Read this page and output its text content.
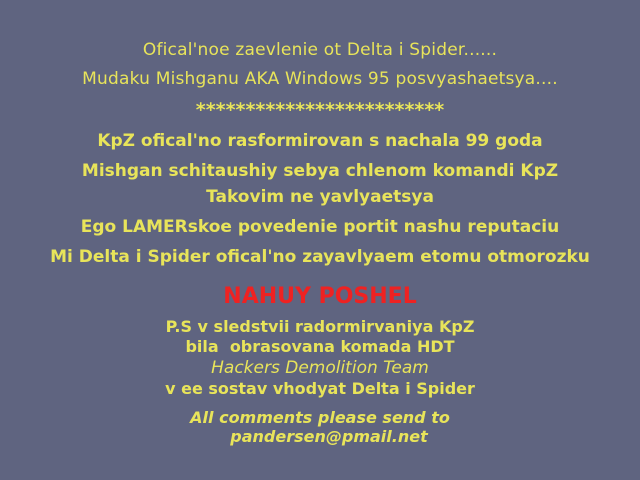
Ofical'noe zaevlenie ot Delta i Spider......
Mudaku Mishganu AKA Windows 95 posvyashaetsya....
*************************
KpZ ofical'no rasformirovan s nachala 99 goda
Mishgan schitaushiy sebya chlenom komandi KpZ
Takovim ne yavlyaetsya
Ego LAMERskoe povedenie portit nashu reputaciu
Mi Delta i Spider ofical'no zayavlyaem etomu otmorozku
NAHUY POSHEL
P.S v sledstvii radormirvaniya KpZ
bila  obrasovana komada HDT
Hackers Demolition Team
v ee sostav vhodyat Delta i Spider
All comments please send to
pandersen@pmail.net
